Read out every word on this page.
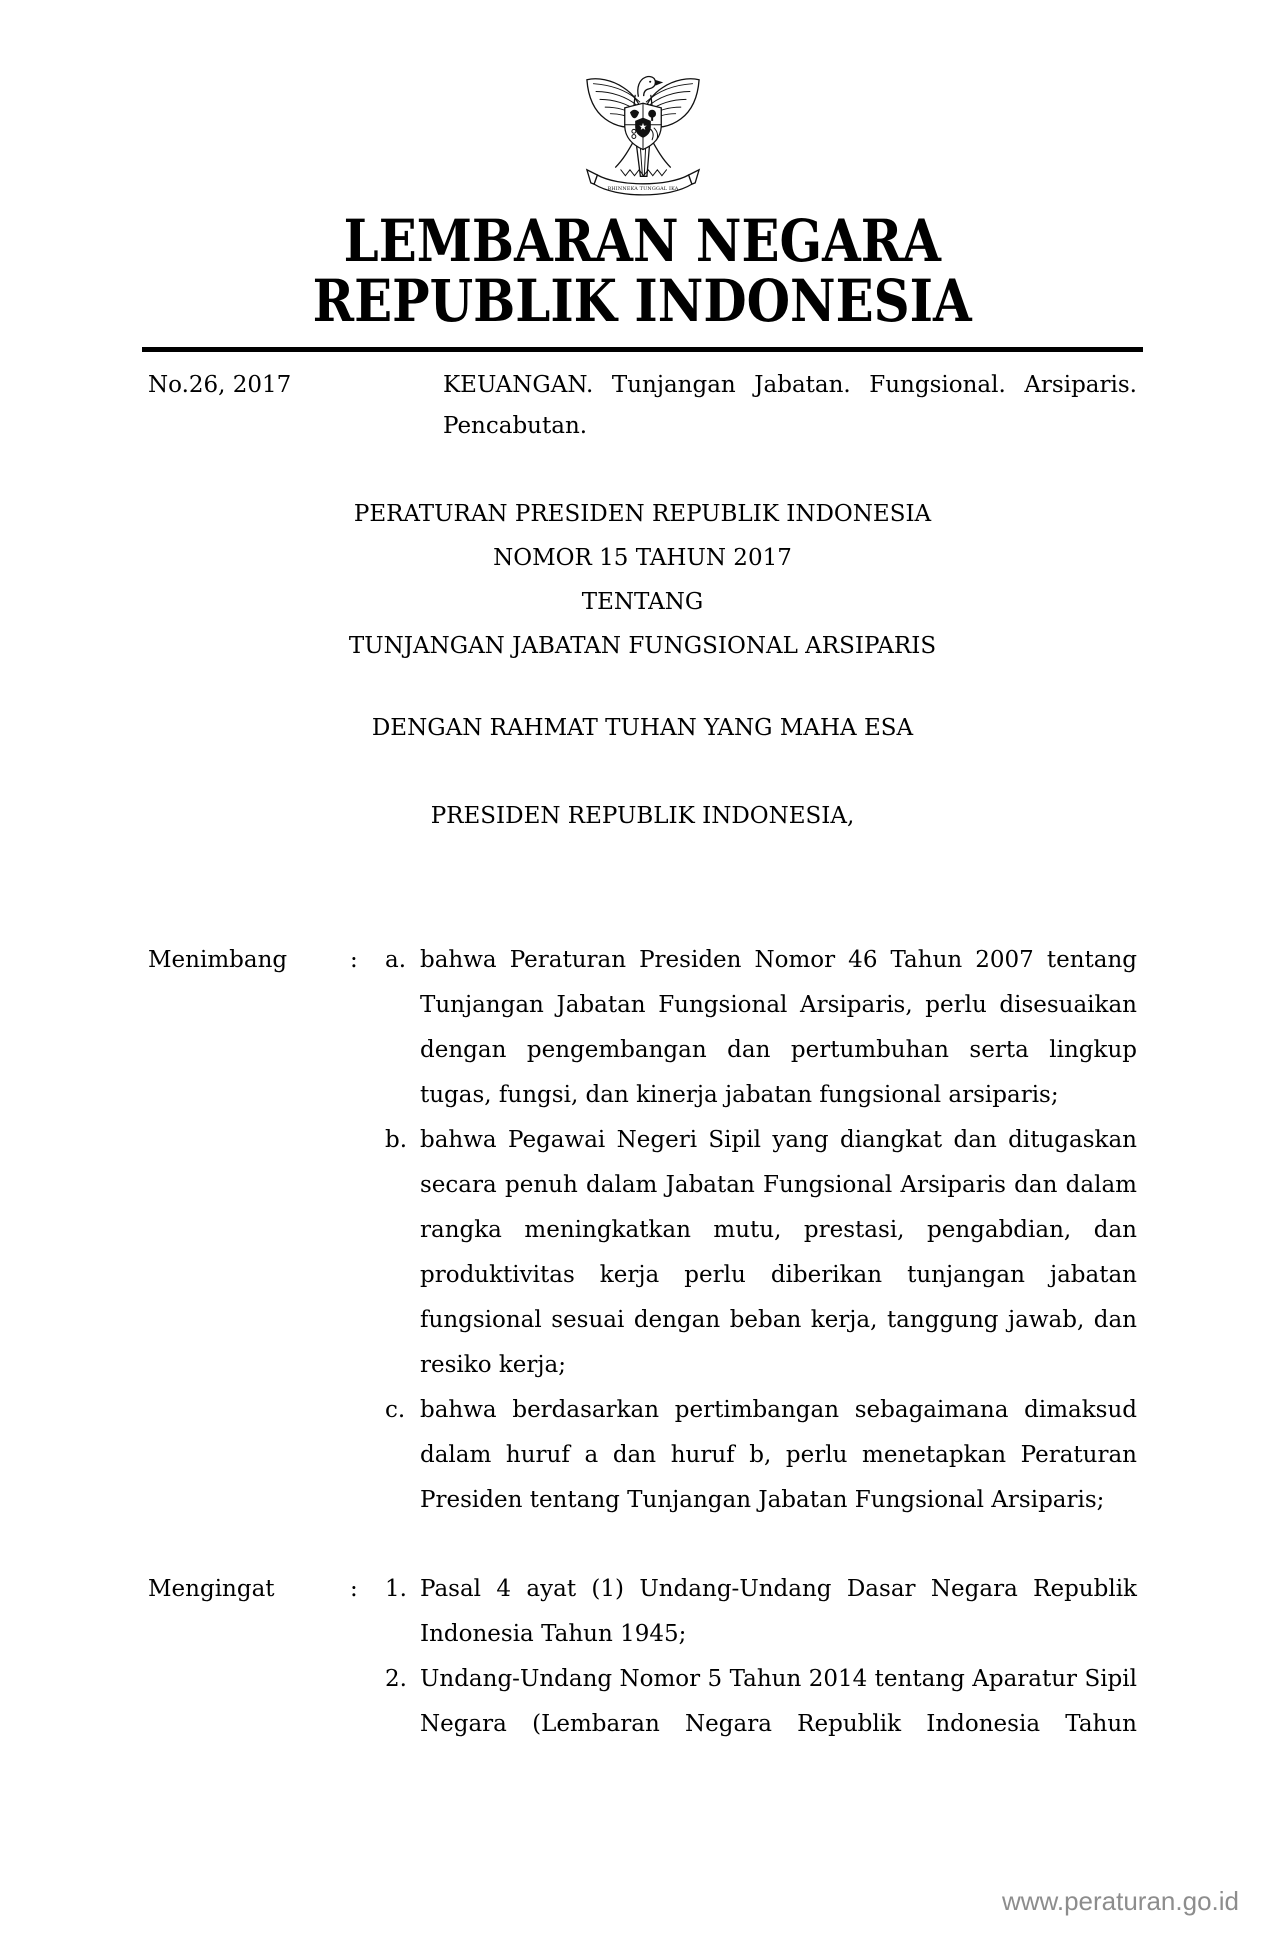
BHINNEKA TUNGGAL IKA
LEMBARAN NEGARA
REPUBLIK INDONESIA
No.26, 2017	KEUANGAN. Tunjangan Jabatan. Fungsional. Arsiparis. Pencabutan.
PERATURAN PRESIDEN REPUBLIK INDONESIA
NOMOR 15 TAHUN 2017
TENTANG
TUNJANGAN JABATAN FUNGSIONAL ARSIPARIS
DENGAN RAHMAT TUHAN YANG MAHA ESA
PRESIDEN REPUBLIK INDONESIA,
Menimbang	:	a. bahwa Peraturan Presiden Nomor 46 Tahun 2007 tentang Tunjangan Jabatan Fungsional Arsiparis, perlu disesuaikan dengan pengembangan dan pertumbuhan serta lingkup tugas, fungsi, dan kinerja jabatan fungsional arsiparis;
b. bahwa Pegawai Negeri Sipil yang diangkat dan ditugaskan secara penuh dalam Jabatan Fungsional Arsiparis dan dalam rangka meningkatkan mutu, prestasi, pengabdian, dan produktivitas kerja perlu diberikan tunjangan jabatan fungsional sesuai dengan beban kerja, tanggung jawab, dan resiko kerja;
c. bahwa berdasarkan pertimbangan sebagaimana dimaksud dalam huruf a dan huruf b, perlu menetapkan Peraturan Presiden tentang Tunjangan Jabatan Fungsional Arsiparis;
Mengingat	:	1. Pasal 4 ayat (1) Undang-Undang Dasar Negara Republik Indonesia Tahun 1945;
2. Undang-Undang Nomor 5 Tahun 2014 tentang Aparatur Sipil Negara (Lembaran Negara Republik Indonesia Tahun
www.peraturan.go.id
